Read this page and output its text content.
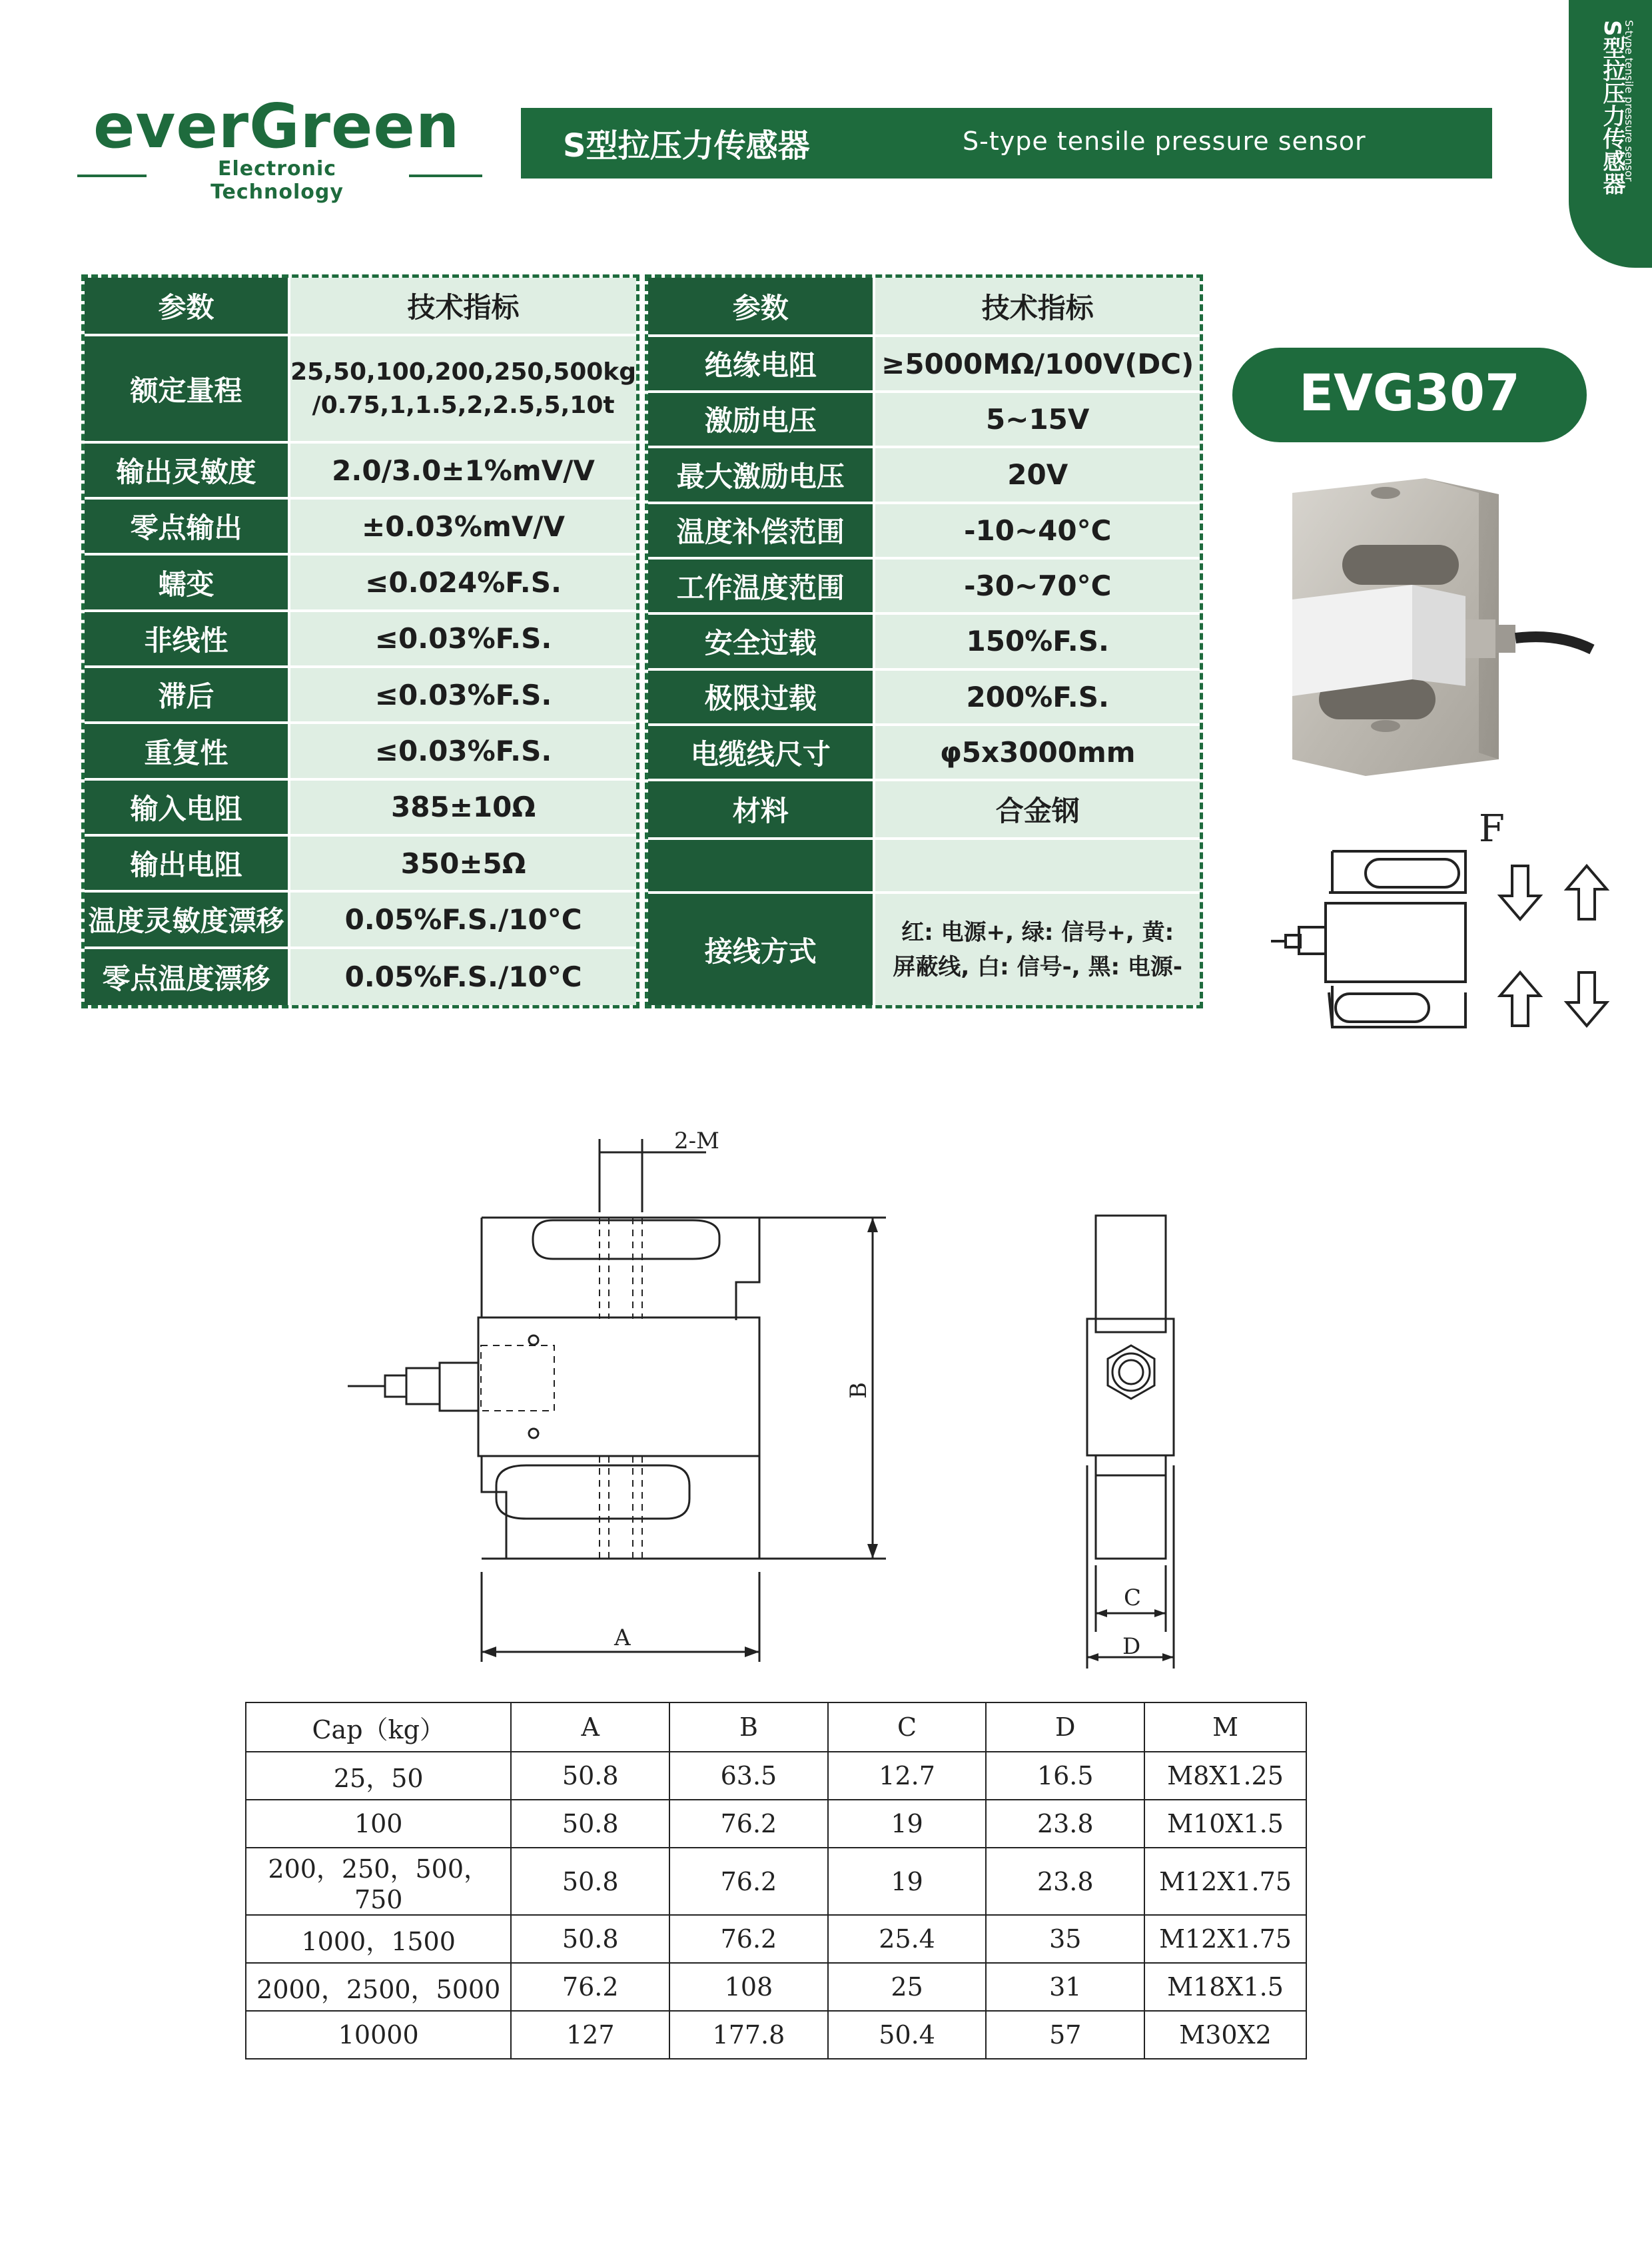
everGreen
Electronic Technology
S型拉压力传感器	S-type tensile pressure sensor	S型拉压力传感器
S-type tensile pressure sensor
参数	技术指标
额定量程	25,50,100,200,250,500kg
/0.75,1,1.5,2,2.5,5,10t
输出灵敏度	2.0/3.0±1%mV/V
零点输出	±0.03%mV/V
蠕变	≤0.024%F.S.
非线性	≤0.03%F.S.
滞后	≤0.03%F.S.
重复性	≤0.03%F.S.
输入电阻	385±10Ω
输出电阻	350±5Ω
温度灵敏度漂移	0.05%F.S./10°C
零点温度漂移	0.05%F.S./10°C
参数	技术指标
绝缘电阻	≥5000MΩ/100V(DC)
激励电压	5~15V
最大激励电压	20V
温度补偿范围	-10~40°C
工作温度范围	-30~70°C
安全过载	150%F.S.
极限过载	200%F.S.
电缆线尺寸	φ5x3000mm
材料	合金钢

接线方式	红: 电源+, 绿: 信号+, 黄:
屏蔽线, 白: 信号-, 黑: 电源-
EVG307
F
2-M
A
B
C
D
Cap（kg）	A	B	C	D	M
25，50	50.8	63.5	12.7	16.5	M8X1.25
100	50.8	76.2	19	23.8	M10X1.5
200，250，500，750	50.8	76.2	19	23.8	M12X1.75
1000，1500	50.8	76.2	25.4	35	M12X1.75
2000，2500，5000	76.2	108	25	31	M18X1.5
10000	127	177.8	50.4	57	M30X2
